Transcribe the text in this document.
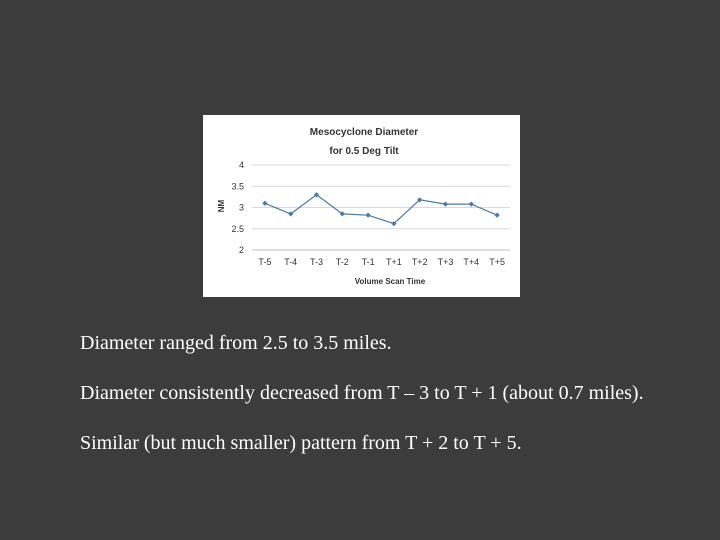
Mesocyclone Diameter
for 0.5 Deg Tilt
2
2.5
3
3.5
4
T-5 T-4 T-3 T-2 T-1 T+1 T+2 T+3 T+4 T+5
NM
Volume Scan Time

Diameter ranged from 2.5 to 3.5 miles.

Diameter consistently decreased from T – 3 to T + 1 (about 0.7 miles).

Similar (but much smaller) pattern from T + 2 to T + 5.
